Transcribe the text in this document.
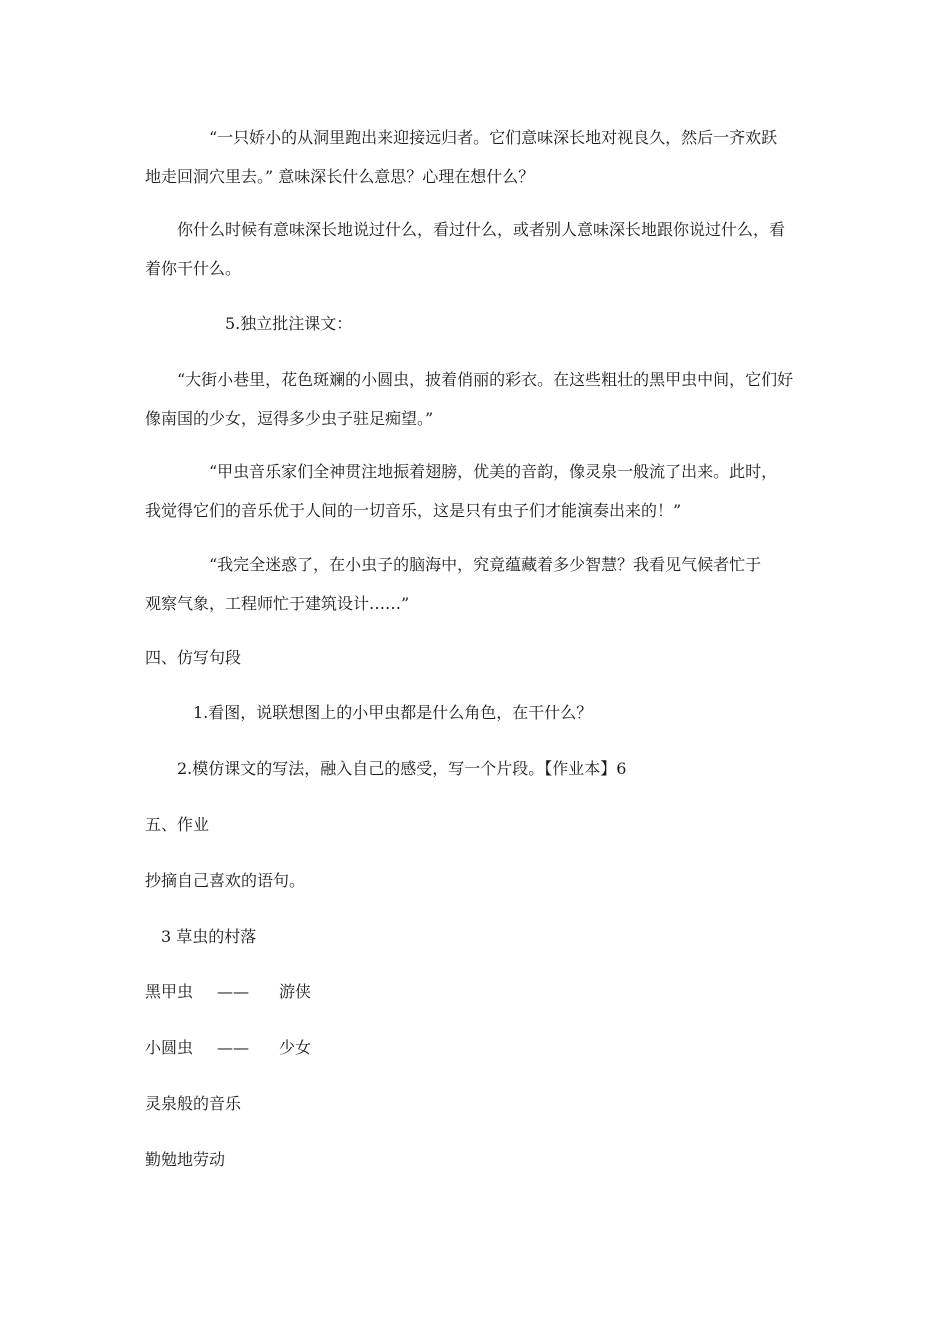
“一只娇小的从洞里跑出来迎接远归者。它们意味深长地对视良久，然后一齐欢跃

地走回洞穴里去。” 意味深长什么意思？心理在想什么？

你什么时候有意味深长地说过什么，看过什么，或者别人意味深长地跟你说过什么，看

着你干什么。

5.独立批注课文：

“大街小巷里，花色斑斓的小圆虫，披着俏丽的彩衣。在这些粗壮的黑甲虫中间，它们好

像南国的少女，逗得多少虫子驻足痴望。”

“甲虫音乐家们全神贯注地振着翅膀，优美的音韵，像灵泉一般流了出来。此时，

我觉得它们的音乐优于人间的一切音乐，这是只有虫子们才能演奏出来的！”

“我完全迷惑了，在小虫子的脑海中，究竟蕴藏着多少智慧？我看见气候者忙于

观察气象，工程师忙于建筑设计……”

四、仿写句段

1.看图，说联想图上的小甲虫都是什么角色，在干什么？

2.模仿课文的写法，融入自己的感受，写一个片段。【作业本】6

五、作业

抄摘自己喜欢的语句。

3 草虫的村落

黑甲虫 —— 游侠
小圆虫 —— 少女
灵泉般的音乐
勤勉地劳动
